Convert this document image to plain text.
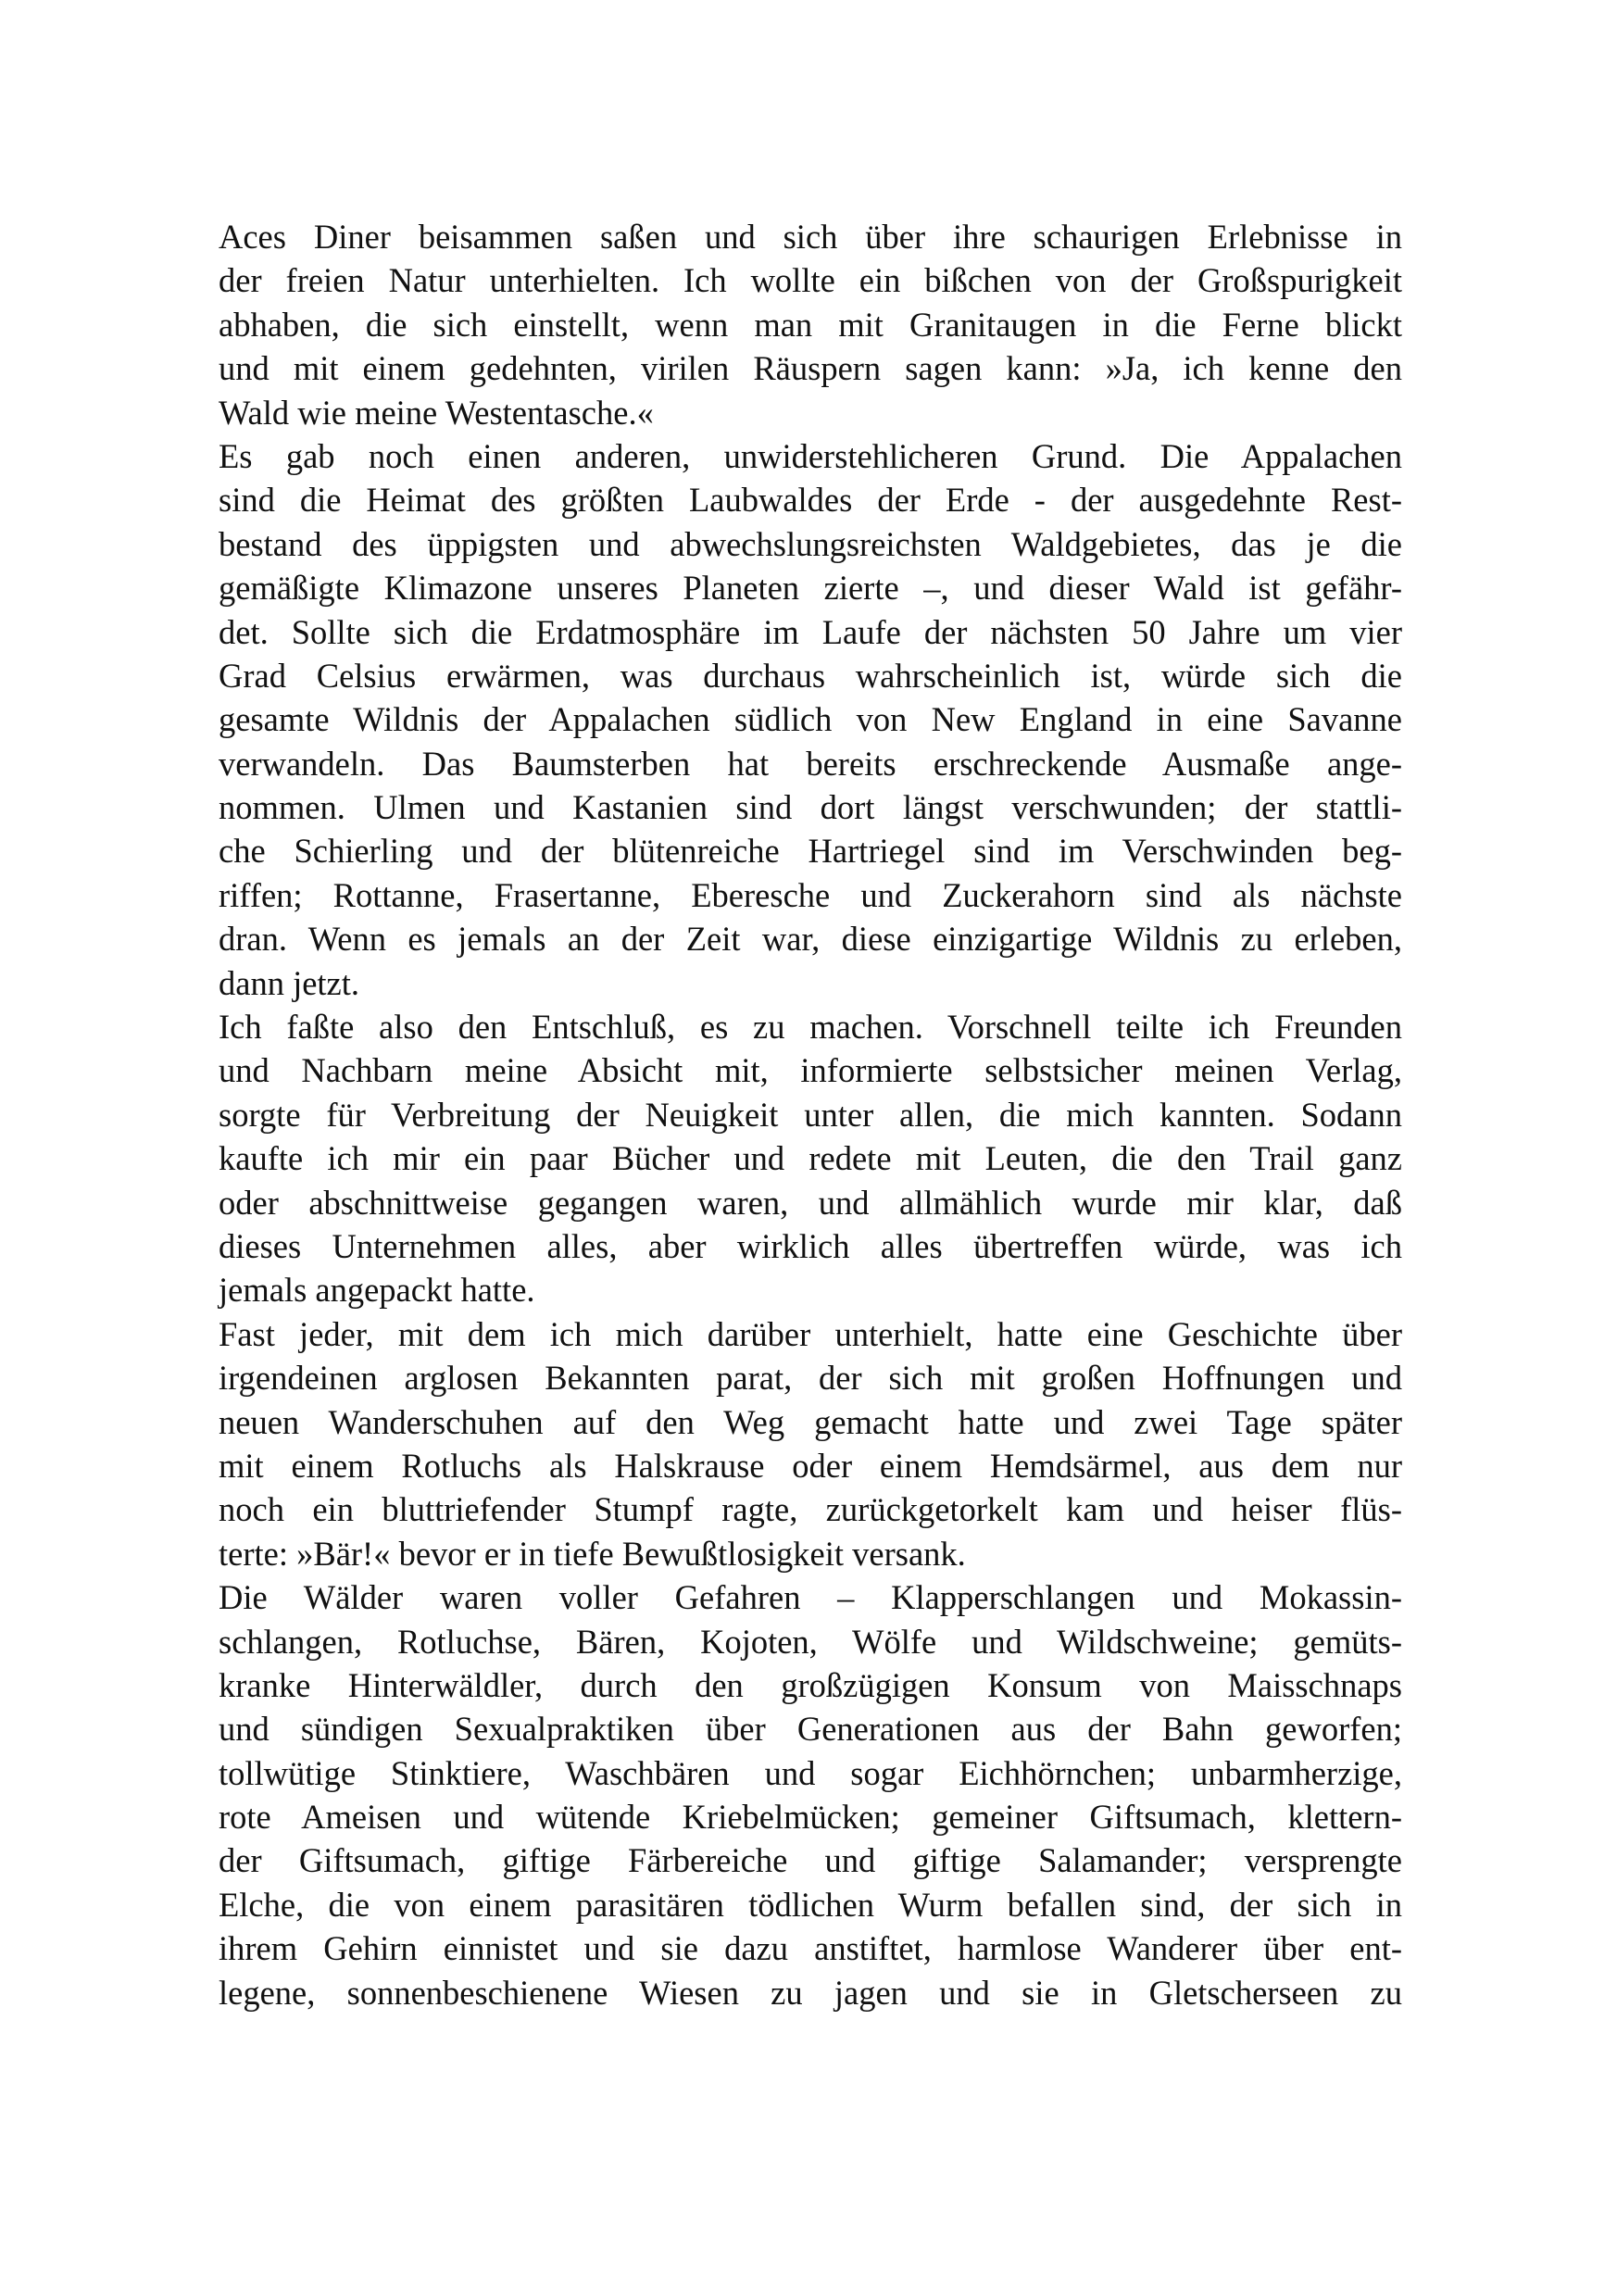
Aces Diner beisammen saßen und sich über ihre schaurigen Erlebnisse in
der freien Natur unterhielten. Ich wollte ein bißchen von der Großspurigkeit
abhaben, die sich einstellt, wenn man mit Granitaugen in die Ferne blickt
und mit einem gedehnten, virilen Räuspern sagen kann: »Ja, ich kenne den
Wald wie meine Westentasche.«
Es gab noch einen anderen, unwiderstehlicheren Grund. Die Appalachen
sind die Heimat des größten Laubwaldes der Erde - der ausgedehnte Rest-
bestand des üppigsten und abwechslungsreichsten Waldgebietes, das je die
gemäßigte Klimazone unseres Planeten zierte –, und dieser Wald ist gefähr-
det. Sollte sich die Erdatmosphäre im Laufe der nächsten 50 Jahre um vier
Grad Celsius erwärmen, was durchaus wahrscheinlich ist, würde sich die
gesamte Wildnis der Appalachen südlich von New England in eine Savanne
verwandeln. Das Baumsterben hat bereits erschreckende Ausmaße ange-
nommen. Ulmen und Kastanien sind dort längst verschwunden; der stattli-
che Schierling und der blütenreiche Hartriegel sind im Verschwinden beg-
riffen; Rottanne, Frasertanne, Eberesche und Zuckerahorn sind als nächste
dran. Wenn es jemals an der Zeit war, diese einzigartige Wildnis zu erleben,
dann jetzt.
Ich faßte also den Entschluß, es zu machen. Vorschnell teilte ich Freunden
und Nachbarn meine Absicht mit, informierte selbstsicher meinen Verlag,
sorgte für Verbreitung der Neuigkeit unter allen, die mich kannten. Sodann
kaufte ich mir ein paar Bücher und redete mit Leuten, die den Trail ganz
oder abschnittweise gegangen waren, und allmählich wurde mir klar, daß
dieses Unternehmen alles, aber wirklich alles übertreffen würde, was ich
jemals angepackt hatte.
Fast jeder, mit dem ich mich darüber unterhielt, hatte eine Geschichte über
irgendeinen arglosen Bekannten parat, der sich mit großen Hoffnungen und
neuen Wanderschuhen auf den Weg gemacht hatte und zwei Tage später
mit einem Rotluchs als Halskrause oder einem Hemdsärmel, aus dem nur
noch ein bluttriefender Stumpf ragte, zurückgetorkelt kam und heiser flüs-
terte: »Bär!« bevor er in tiefe Bewußtlosigkeit versank.
Die Wälder waren voller Gefahren – Klapperschlangen und Mokassin-
schlangen, Rotluchse, Bären, Kojoten, Wölfe und Wildschweine; gemüts-
kranke Hinterwäldler, durch den großzügigen Konsum von Maisschnaps
und sündigen Sexualpraktiken über Generationen aus der Bahn geworfen;
tollwütige Stinktiere, Waschbären und sogar Eichhörnchen; unbarmherzige,
rote Ameisen und wütende Kriebelmücken; gemeiner Giftsumach, klettern-
der Giftsumach, giftige Färbereiche und giftige Salamander; versprengte
Elche, die von einem parasitären tödlichen Wurm befallen sind, der sich in
ihrem Gehirn einnistet und sie dazu anstiftet, harmlose Wanderer über ent-
legene, sonnenbeschienene Wiesen zu jagen und sie in Gletscherseen zu
